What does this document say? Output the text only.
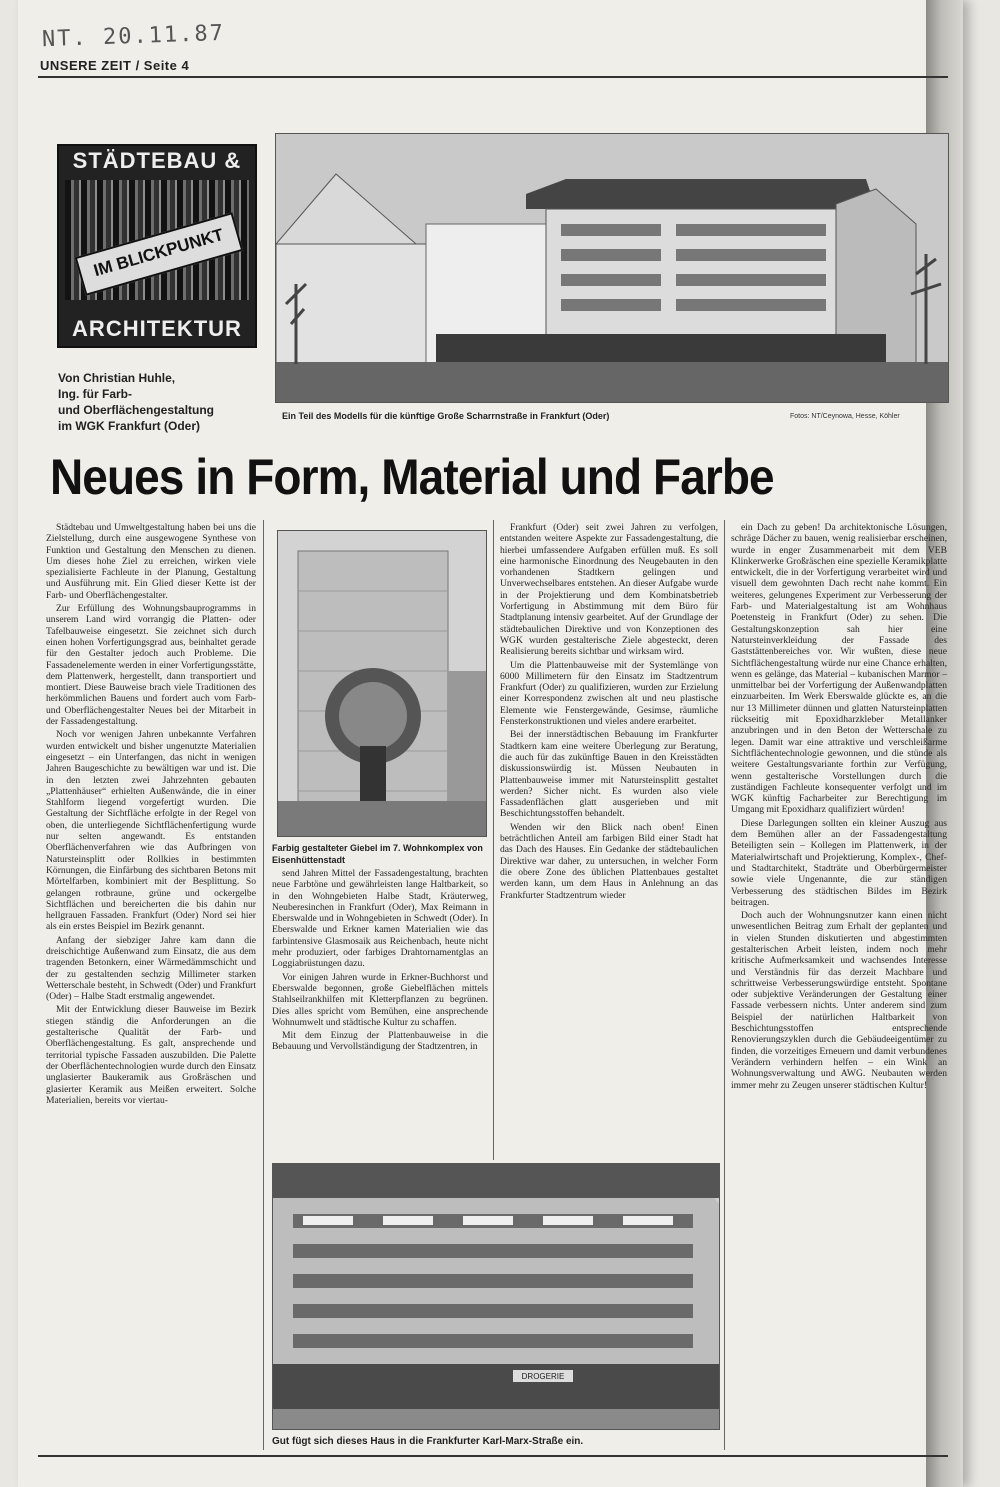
NT. 20.11.87
UNSERE ZEIT / Seite 4
STÄDTEBAU &
IM BLICKPUNKT
ARCHITEKTUR
Von Christian Huhle,
Ing. für Farb-
und Oberflächengestaltung
im WGK Frankfurt (Oder)
Ein Teil des Modells für die künftige Große Scharrnstraße in Frankfurt (Oder)	Fotos: NT/Ceynowa, Hesse, Köhler
Neues in Form, Material und Farbe

Städtebau und Umweltgestaltung haben bei uns die Zielstellung, durch eine ausgewogene Synthese von Funktion und Gestaltung den Menschen zu dienen. Um dieses hohe Ziel zu erreichen, wirken viele spezialisierte Fachleute in der Planung, Gestaltung und Ausführung mit. Ein Glied dieser Kette ist der Farb- und Oberflächengestalter.

Zur Erfüllung des Wohnungsbauprogramms in unserem Land wird vorrangig die Platten- oder Tafelbauweise eingesetzt. Sie zeichnet sich durch einen hohen Vorfertigungsgrad aus, beinhaltet gerade für den Gestalter jedoch auch Probleme. Die Fassadenelemente werden in einer Vorfertigungsstätte, dem Plattenwerk, hergestellt, dann transportiert und montiert. Diese Bauweise brach viele Traditionen des herkömmlichen Bauens und fordert auch vom Farb- und Oberflächengestalter Neues bei der Mitarbeit in der Fassadengestaltung.

Noch vor wenigen Jahren unbekannte Verfahren wurden entwickelt und bisher ungenutzte Materialien eingesetzt – ein Unterfangen, das nicht in wenigen Jahren Baugeschichte zu bewältigen war und ist. Die in den letzten zwei Jahrzehnten gebauten „Plattenhäuser“ erhielten Außenwände, die in einer Stahlform liegend vorgefertigt wurden. Die Gestaltung der Sichtfläche erfolgte in der Regel von oben, die unterliegende Sichtflächenfertigung wurde nur selten angewandt. Es entstanden Oberflächenverfahren wie das Aufbringen von Natursteinsplitt oder Rollkies in bestimmten Körnungen, die Einfärbung des sichtbaren Betons mit Mörtelfarben, kombiniert mit der Besplittung. So gelangen rotbraune, grüne und ockergelbe Sichtflächen und bereicherten die bis dahin nur hellgrauen Fassaden. Frankfurt (Oder) Nord sei hier als ein erstes Beispiel im Bezirk genannt.

Anfang der siebziger Jahre kam dann die dreischichtige Außenwand zum Einsatz, die aus dem tragenden Betonkern, einer Wärmedämmschicht und der zu gestaltenden sechzig Millimeter starken Wetterschale besteht, in Schwedt (Oder) und Frankfurt (Oder) – Halbe Stadt erstmalig angewendet.

Mit der Entwicklung dieser Bauweise im Bezirk stiegen ständig die Anforderungen an die gestalterische Qualität der Farb- und Oberflächengestaltung. Es galt, ansprechende und territorial typische Fassaden auszubilden. Die Palette der Oberflächentechnologien wurde durch den Einsatz unglasierter Baukeramik aus Großräschen und glasierter Keramik aus Meißen erweitert. Solche Materialien, bereits vor viertau-

Farbig gestalteter Giebel im 7. Wohnkomplex von Eisenhüttenstadt

send Jahren Mittel der Fassadengestaltung, brachten neue Farbtöne und gewährleisten lange Haltbarkeit, so in den Wohngebieten Halbe Stadt, Kräuterweg, Neuberesinchen in Frankfurt (Oder), Max Reimann in Eberswalde und in Wohngebieten in Schwedt (Oder). In Eberswalde und Erkner kamen Materialien wie das farbintensive Glasmosaik aus Reichenbach, heute nicht mehr produziert, oder farbiges Drahtornamentglas an Loggiabrüstungen dazu.

Vor einigen Jahren wurde in Erkner-Buchhorst und Eberswalde begonnen, große Giebelflächen mittels Stahlseilrankhilfen mit Kletterpflanzen zu begrünen. Dies alles spricht vom Bemühen, eine ansprechende Wohnumwelt und städtische Kultur zu schaffen.

Mit dem Einzug der Plattenbauweise in die Bebauung und Vervollständigung der Stadtzentren, in

Frankfurt (Oder) seit zwei Jahren zu verfolgen, entstanden weitere Aspekte zur Fassadengestaltung, die hierbei umfassendere Aufgaben erfüllen muß. Es soll eine harmonische Einordnung des Neugebauten in den vorhandenen Stadtkern gelingen und Unverwechselbares entstehen. An dieser Aufgabe wurde in der Projektierung und dem Kombinatsbetrieb Vorfertigung in Abstimmung mit dem Büro für Stadtplanung intensiv gearbeitet. Auf der Grundlage der städtebaulichen Direktive und von Konzeptionen des WGK wurden gestalterische Ziele abgesteckt, deren Realisierung bereits sichtbar und wirksam wird.

Um die Plattenbauweise mit der Systemlänge von 6000 Millimetern für den Einsatz im Stadtzentrum Frankfurt (Oder) zu qualifizieren, wurden zur Erzielung einer Korrespondenz zwischen alt und neu plastische Elemente wie Fenstergewände, Gesimse, räumliche Fensterkonstruktionen und vieles andere erarbeitet.

Bei der innerstädtischen Bebauung im Frankfurter Stadtkern kam eine weitere Überlegung zur Beratung, die auch für das zukünftige Bauen in den Kreisstädten diskussionswürdig ist. Müssen Neubauten in Plattenbauweise immer mit Natursteinsplitt gestaltet werden? Sicher nicht. Es wurden also viele Fassadenflächen glatt ausgerieben und mit Beschichtungsstoffen behandelt.

Wenden wir den Blick nach oben! Einen beträchtlichen Anteil am farbigen Bild einer Stadt hat das Dach des Hauses. Ein Gedanke der städtebaulichen Direktive war daher, zu untersuchen, in welcher Form die obere Zone des üblichen Plattenbaues gestaltet werden kann, um dem Haus in Anlehnung an das Frankfurter Stadtzentrum wieder

ein Dach zu geben! Da architektonische Lösungen, schräge Dächer zu bauen, wenig realisierbar erscheinen, wurde in enger Zusammenarbeit mit dem VEB Klinkerwerke Großräschen eine spezielle Keramikplatte entwickelt, die in der Vorfertigung verarbeitet wird und visuell dem gewohnten Dach recht nahe kommt. Ein weiteres, gelungenes Experiment zur Verbesserung der Farb- und Materialgestaltung ist am Wohnhaus Poetensteig in Frankfurt (Oder) zu sehen. Die Gestaltungskonzeption sah hier eine Natursteinverkleidung der Fassade des Gaststättenbereiches vor. Wir wußten, diese neue Sichtflächengestaltung würde nur eine Chance erhalten, wenn es gelänge, das Material – kubanischen Marmor – unmittelbar bei der Vorfertigung der Außenwandplatten einzuarbeiten. Im Werk Eberswalde glückte es, an die nur 13 Millimeter dünnen und glatten Natursteinplatten rückseitig mit Epoxidharzkleber Metallanker anzubringen und in den Beton der Wetterschale zu legen. Damit war eine attraktive und verschleißarme Sichtflächentechnologie gewonnen, und die stünde als weitere Gestaltungsvariante forthin zur Verfügung, wenn gestalterische Vorstellungen durch die zuständigen Fachleute konsequenter verfolgt und im WGK künftig Facharbeiter zur Berechtigung im Umgang mit Epoxidharz qualifiziert würden!

Diese Darlegungen sollten ein kleiner Auszug aus dem Bemühen aller an der Fassadengestaltung Beteiligten sein – Kollegen im Plattenwerk, in der Materialwirtschaft und Projektierung, Komplex-, Chef- und Stadtarchitekt, Stadträte und Oberbürgermeister sowie viele Ungenannte, die zur ständigen Verbesserung des städtischen Bildes im Bezirk beitragen.

Doch auch der Wohnungsnutzer kann einen nicht unwesentlichen Beitrag zum Erhalt der geplanten und in vielen Stunden diskutierten und abgestimmten gestalterischen Arbeit leisten, indem noch mehr kritische Aufmerksamkeit und wachsendes Interesse und Verständnis für das derzeit Machbare und schrittweise Verbesserungswürdige entsteht. Spontane oder subjektive Veränderungen der Gestaltung einer Fassade verbessern nichts. Unter anderem sind zum Beispiel der natürlichen Haltbarkeit von Beschichtungsstoffen entsprechende Renovierungszyklen durch die Gebäudeeigentümer zu finden, die vorzeitiges Erneuern und damit verbundenes Verändern verhindern helfen – ein Wink an Wohnungsverwaltung und AWG. Neubauten werden immer mehr zu Zeugen unserer städtischen Kultur!

DROGERIE
Gut fügt sich dieses Haus in die Frankfurter Karl-Marx-Straße ein.
